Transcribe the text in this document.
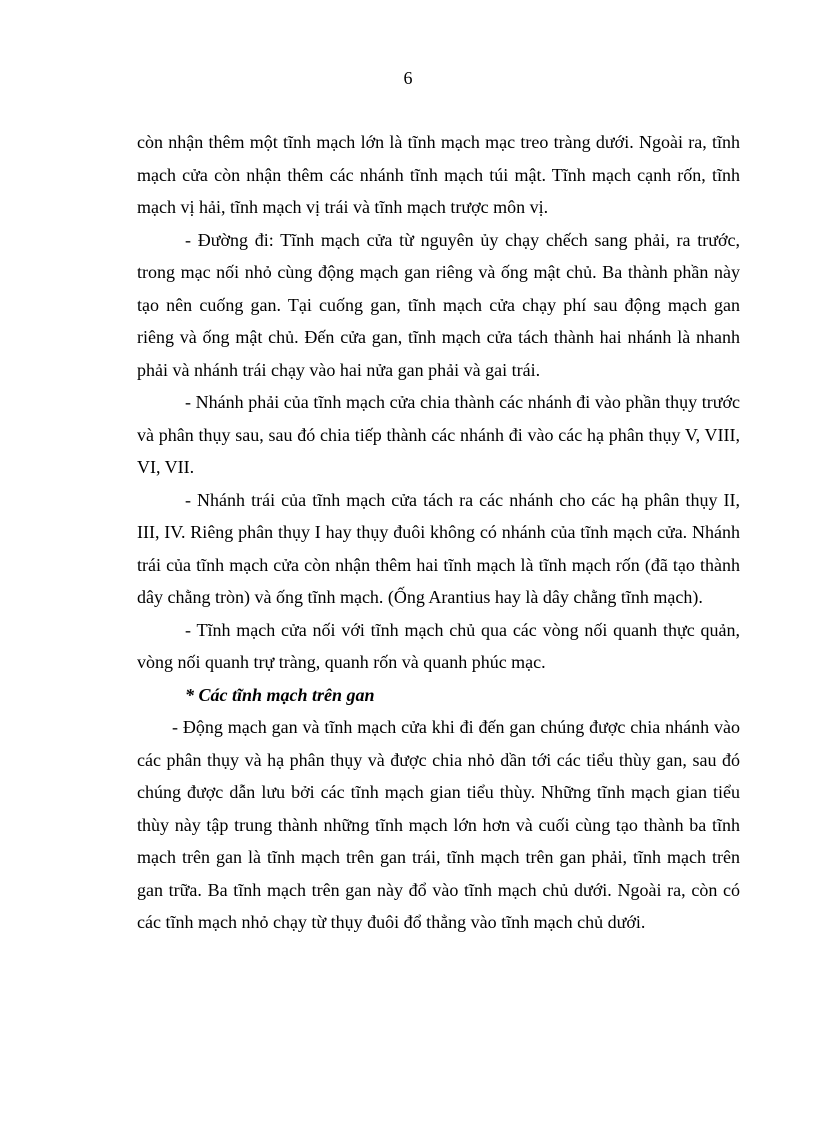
6

còn nhận thêm một tĩnh mạch lớn là tĩnh mạch mạc treo tràng dưới. Ngoài ra, tĩnh mạch cửa còn nhận thêm các nhánh tĩnh mạch túi mật. Tĩnh mạch cạnh rốn, tĩnh mạch vị hải, tĩnh mạch vị trái và tĩnh mạch trược môn vị.

- Đường đi: Tĩnh mạch cửa từ nguyên ủy chạy chếch sang phải, ra trước, trong mạc nối nhỏ cùng động mạch gan riêng và ống mật chủ. Ba thành phần này tạo nên cuống gan. Tại cuống gan, tĩnh mạch cửa chạy phí sau động mạch gan riêng và ống mật chủ. Đến cửa gan, tĩnh mạch cửa tách thành hai nhánh là nhanh phải và nhánh trái chạy vào hai nửa gan phải và gai trái.

- Nhánh phải của tĩnh mạch cửa chia thành các nhánh đi vào phần thụy trước và phân thụy sau, sau đó chia tiếp thành các nhánh đi vào các hạ phân thụy V, VIII, VI, VII.

- Nhánh trái của tĩnh mạch cửa tách ra các nhánh cho các hạ phân thụy II, III, IV. Riêng phân thụy I hay thụy đuôi không có nhánh của tĩnh mạch cửa. Nhánh trái của tĩnh mạch cửa còn nhận thêm hai tĩnh mạch là tĩnh mạch rốn (đã tạo thành dây chằng tròn) và ống tĩnh mạch. (Ống Arantius hay là dây chằng tĩnh mạch).

- Tĩnh mạch cửa nối với tĩnh mạch chủ qua các vòng nối quanh thực quản, vòng nối quanh trự tràng, quanh rốn và quanh phúc mạc.

* Các tĩnh mạch trên gan

- Động mạch gan và tĩnh mạch cửa khi đi đến gan chúng được chia nhánh vào các phân thụy và hạ phân thụy và được chia nhỏ dần tới các tiểu thùy gan, sau đó chúng được dẫn lưu bởi các tĩnh mạch gian tiểu thùy. Những tĩnh mạch gian tiểu thùy này tập trung thành những tĩnh mạch lớn hơn và cuối cùng tạo thành ba tĩnh mạch trên gan là tĩnh mạch trên gan trái, tĩnh mạch trên gan phải, tĩnh mạch trên gan trữa. Ba tĩnh mạch trên gan này đổ vào tĩnh mạch chủ dưới. Ngoài ra, còn có các tĩnh mạch nhỏ chạy từ thụy đuôi đổ thẳng vào tĩnh mạch chủ dưới.
